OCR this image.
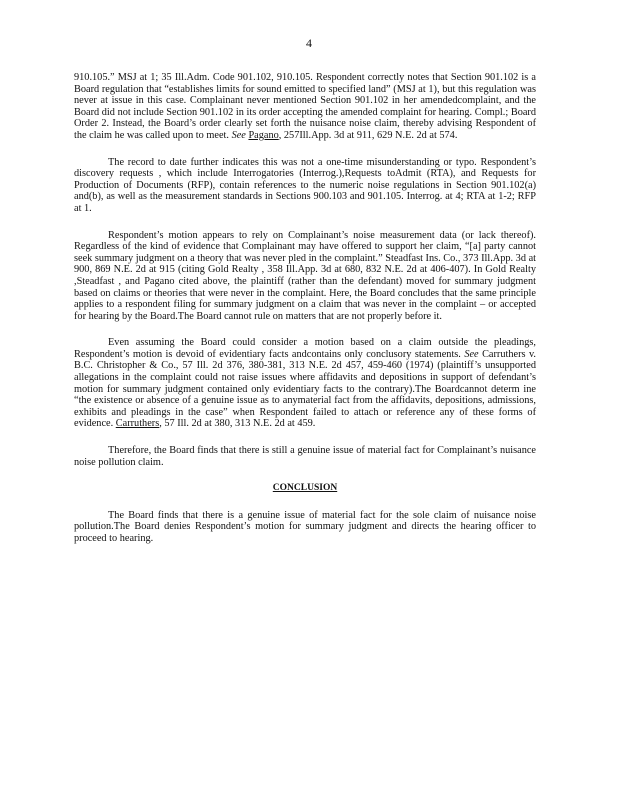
4

910.105.” MSJ at 1; 35 Ill.Adm. Code 901.102, 910.105. Respondent correctly notes that Section 901.102 is a Board regulation that “establishes limits for sound emitted to specified land” (MSJ at 1), but this regulation was never at issue in this case. Complainant never mentioned Section 901.102 in her amendedcomplaint, and the Board did not include Section 901.102 in its order accepting the amended complaint for hearing. Compl.; Board Order 2. Instead, the Board’s order clearly set forth the nuisance noise claim, thereby advising Respondent of the claim he was called upon to meet. See Pagano, 257Ill.App. 3d at 911, 629 N.E. 2d at 574.

The record to date further indicates this was not a one-time misunderstanding or typo. Respondent’s discovery requests , which include Interrogatories (Interrog.),Requests toAdmit (RTA), and Requests for Production of Documents (RFP), contain references to the numeric noise regulations in Section 901.102(a) and(b), as well as the measurement standards in Sections 900.103 and 901.105. Interrog. at 4; RTA at 1-2; RFP at 1.

Respondent’s motion appears to rely on Complainant’s noise measurement data (or lack thereof). Regardless of the kind of evidence that Complainant may have offered to support her claim, “[a] party cannot seek summary judgment on a theory that was never pled in the complaint.” Steadfast Ins. Co., 373 Ill.App. 3d at 900, 869 N.E. 2d at 915 (citing Gold Realty , 358 Ill.App. 3d at 680, 832 N.E. 2d at 406-407). In Gold Realty ,Steadfast , and Pagano cited above, the plaintiff (rather than the defendant) moved for summary judgment based on claims or theories that were never in the complaint. Here, the Board concludes that the same principle applies to a respondent filing for summary judgment on a claim that was never in the complaint – or accepted for hearing by the Board.The Board cannot rule on matters that are not properly before it.

Even assuming the Board could consider a motion based on a claim outside the pleadings, Respondent’s motion is devoid of evidentiary facts andcontains only conclusory statements. See Carruthers v. B.C. Christopher & Co., 57 Ill. 2d 376, 380-381, 313 N.E. 2d 457, 459-460 (1974) (plaintiff’s unsupported allegations in the complaint could not raise issues where affidavits and depositions in support of defendant’s motion for summary judgment contained only evidentiary facts to the contrary).The Boardcannot determ ine “the existence or absence of a genuine issue as to anymaterial fact from the affidavits, depositions, admissions, exhibits and pleadings in the case” when Respondent failed to attach or reference any of these forms of evidence. Carruthers, 57 Ill. 2d at 380, 313 N.E. 2d at 459.

Therefore, the Board finds that there is still a genuine issue of material fact for Complainant’s nuisance noise pollution claim.

CONCLUSION

The Board finds that there is a genuine issue of material fact for the sole claim of nuisance noise pollution.The Board denies Respondent’s motion for summary judgment and directs the hearing officer to proceed to hearing.
